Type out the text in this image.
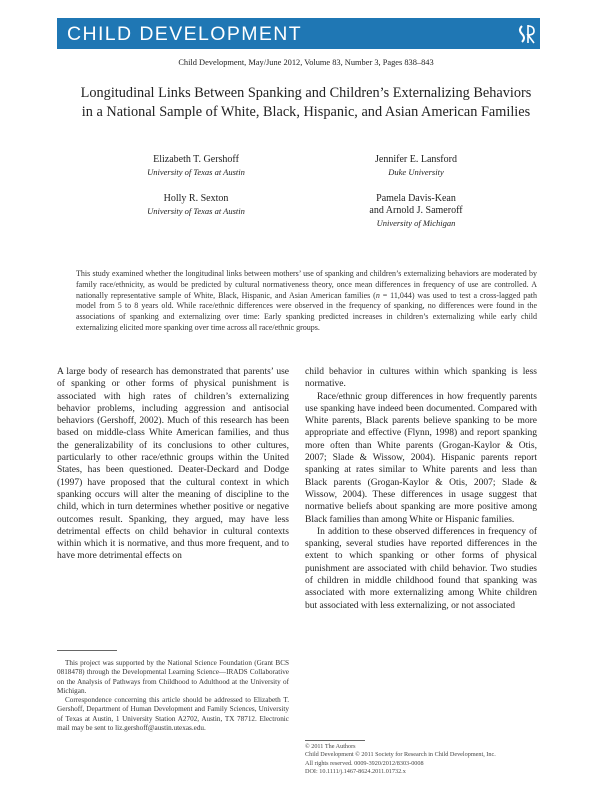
CHILD DEVELOPMENT
Child Development, May/June 2012, Volume 83, Number 3, Pages 838–843
Longitudinal Links Between Spanking and Children’s Externalizing Behaviors in a National Sample of White, Black, Hispanic, and Asian American Families
Elizabeth T. Gershoff
University of Texas at Austin
Jennifer E. Lansford
Duke University
Holly R. Sexton
University of Texas at Austin
Pamela Davis-Kean
and Arnold J. Sameroff
University of Michigan
This study examined whether the longitudinal links between mothers’ use of spanking and children’s externalizing behaviors are moderated by family race/ethnicity, as would be predicted by cultural normativeness theory, once mean differences in frequency of use are controlled. A nationally representative sample of White, Black, Hispanic, and Asian American families (n = 11,044) was used to test a cross-lagged path model from 5 to 8 years old. While race/ethnic differences were observed in the frequency of spanking, no differences were found in the associations of spanking and externalizing over time: Early spanking predicted increases in children’s externalizing while early child externalizing elicited more spanking over time across all race/ethnic groups.

A large body of research has demonstrated that parents’ use of spanking or other forms of physical punishment is associated with high rates of children’s externalizing behavior problems, including aggression and antisocial behaviors (Gershoff, 2002). Much of this research has been based on middle-class White American families, and thus the generalizability of its conclusions to other cultures, particularly to other race/ethnic groups within the United States, has been questioned. Deater-Deckard and Dodge (1997) have proposed that the cultural context in which spanking occurs will alter the meaning of discipline to the child, which in turn determines whether positive or negative outcomes result. Spanking, they argued, may have less detrimental effects on child behavior in cultural contexts within which it is normative, and thus more frequent, and to have more detrimental effects on

child behavior in cultures within which spanking is less normative.

Race/ethnic group differences in how frequently parents use spanking have indeed been documented. Compared with White parents, Black parents believe spanking to be more appropriate and effective (Flynn, 1998) and report spanking more often than White parents (Grogan-Kaylor & Otis, 2007; Slade & Wissow, 2004). Hispanic parents report spanking at rates similar to White parents and less than Black parents (Grogan-Kaylor & Otis, 2007; Slade & Wissow, 2004). These differences in usage suggest that normative beliefs about spanking are more positive among Black families than among White or Hispanic families.

In addition to these observed differences in frequency of spanking, several studies have reported differences in the extent to which spanking or other forms of physical punishment are associated with child behavior. Two studies of children in middle childhood found that spanking was associated with more externalizing among White children but associated with less externalizing, or not associated

This project was supported by the National Science Foundation (Grant BCS 0818478) through the Developmental Learning Science—IRADS Collaborative on the Analysis of Pathways from Childhood to Adulthood at the University of Michigan.

Correspondence concerning this article should be addressed to Elizabeth T. Gershoff, Department of Human Development and Family Sciences, University of Texas at Austin, 1 University Station A2702, Austin, TX 78712. Electronic mail may be sent to liz.gershoff@austin.utexas.edu.

© 2011 The Authors
Child Development © 2011 Society for Research in Child Development, Inc.
All rights reserved. 0009-3920/2012/8303-0008
DOI: 10.1111/j.1467-8624.2011.01732.x
